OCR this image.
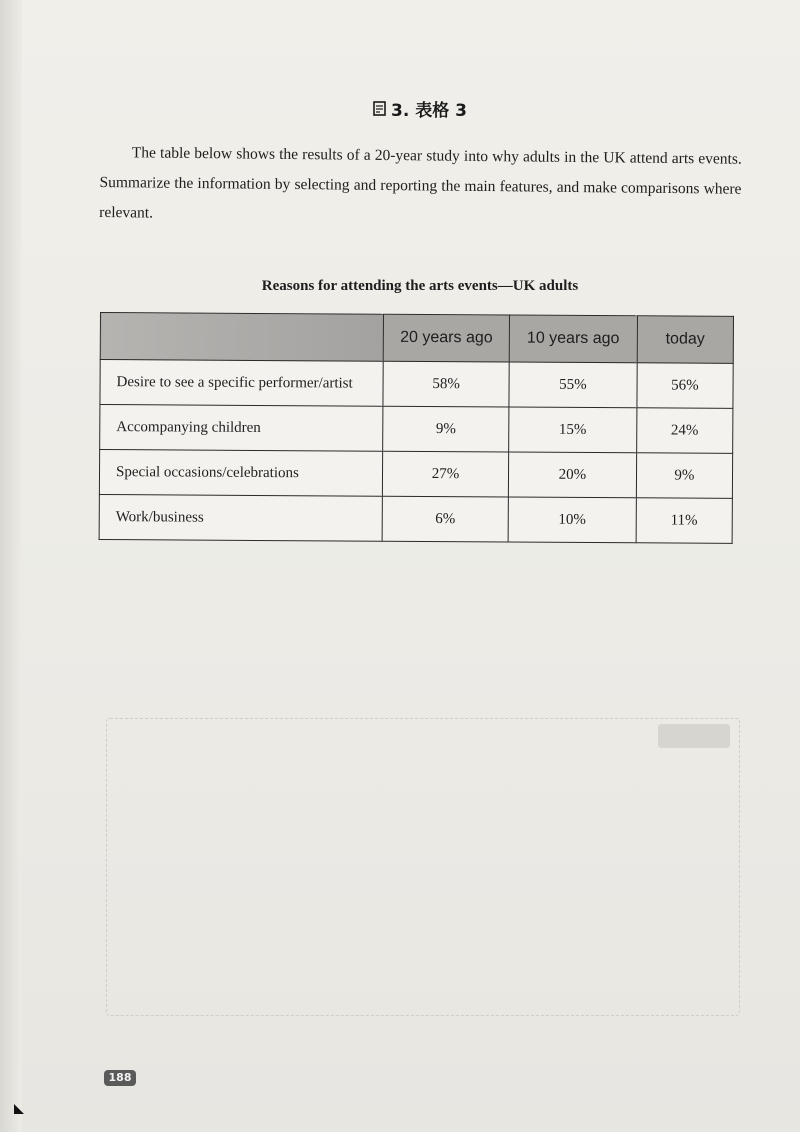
3. 表格 3
The table below shows the results of a 20-year study into why adults in the UK attend arts events. Summarize the information by selecting and reporting the main features, and make comparisons where relevant.
Reasons for attending the arts events—UK adults
	20 years ago	10 years ago	today
Desire to see a specific performer/artist	58%	55%	56%
Accompanying children	9%	15%	24%
Special occasions/celebrations	27%	20%	9%
Work/business	6%	10%	11%
188
